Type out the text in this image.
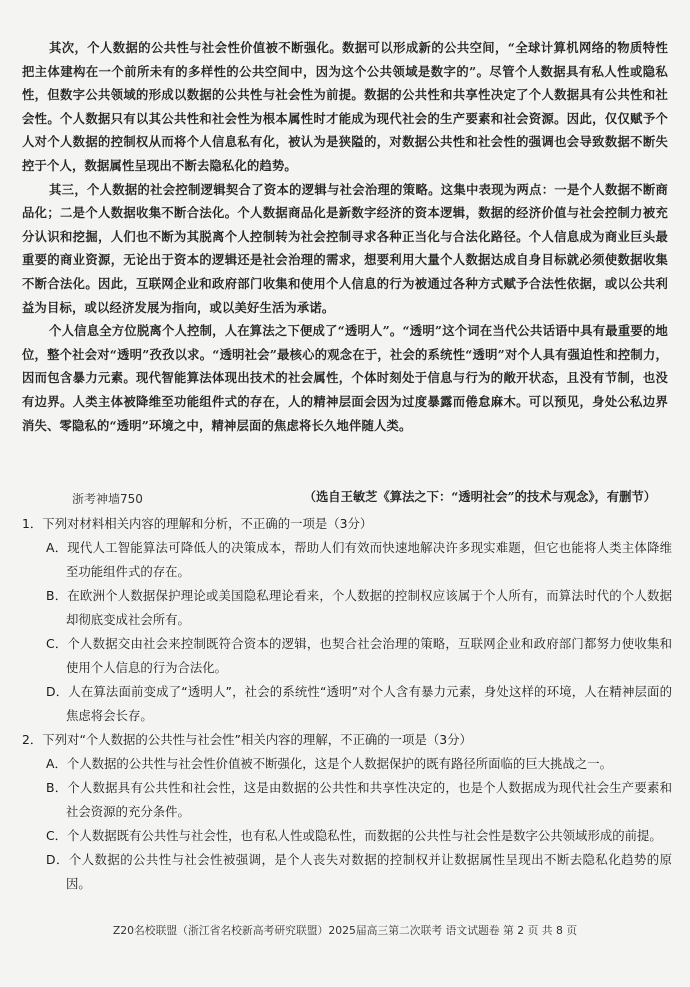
其次，个人数据的公共性与社会性价值被不断强化。数据可以形成新的公共空间，“全球计算机网络的物质特性把主体建构在一个前所未有的多样性的公共空间中，因为这个公共领域是数字的”。尽管个人数据具有私人性或隐私性，但数字公共领域的形成以数据的公共性与社会性为前提。数据的公共性和共享性决定了个人数据具有公共性和社会性。个人数据只有以其公共性和社会性为根本属性时才能成为现代社会的生产要素和社会资源。因此，仅仅赋予个人对个人数据的控制权从而将个人信息私有化，被认为是狭隘的，对数据公共性和社会性的强调也会导致数据不断失控于个人，数据属性呈现出不断去隐私化的趋势。

其三，个人数据的社会控制逻辑契合了资本的逻辑与社会治理的策略。这集中表现为两点：一是个人数据不断商品化；二是个人数据收集不断合法化。个人数据商品化是新数字经济的资本逻辑，数据的经济价值与社会控制力被充分认识和挖掘，人们也不断为其脱离个人控制转为社会控制寻求各种正当化与合法化路径。个人信息成为商业巨头最重要的商业资源，无论出于资本的逻辑还是社会治理的需求，想要利用大量个人数据达成自身目标就必须使数据收集不断合法化。因此，互联网企业和政府部门收集和使用个人信息的行为被通过各种方式赋予合法性依据，或以公共利益为目标，或以经济发展为指向，或以美好生活为承诺。

个人信息全方位脱离个人控制，人在算法之下便成了“透明人”。“透明”这个词在当代公共话语中具有最重要的地位，整个社会对“透明”孜孜以求。“透明社会”最核心的观念在于，社会的系统性“透明”对个人具有强迫性和控制力，因而包含暴力元素。现代智能算法体现出技术的社会属性，个体时刻处于信息与行为的敞开状态，且没有节制，也没有边界。人类主体被降维至功能组件式的存在，人的精神层面会因为过度暴露而倦怠麻木。可以预见，身处公私边界消失、零隐私的“透明”环境之中，精神层面的焦虑将长久地伴随人类。

浙考神墙750	（选自王敏芝《算法之下：“透明社会”的技术与观念》，有删节）

1．下列对材料相关内容的理解和分析，不正确的一项是（3分）

A．现代人工智能算法可降低人的决策成本，帮助人们有效而快速地解决许多现实难题，但它也能将人类主体降维至功能组件式的存在。

B．在欧洲个人数据保护理论或美国隐私理论看来，个人数据的控制权应该属于个人所有，而算法时代的个人数据却彻底变成社会所有。

C．个人数据交由社会来控制既符合资本的逻辑，也契合社会治理的策略，互联网企业和政府部门都努力使收集和使用个人信息的行为合法化。

D．人在算法面前变成了“透明人”，社会的系统性“透明”对个人含有暴力元素，身处这样的环境，人在精神层面的焦虑将会长存。

2．下列对“个人数据的公共性与社会性”相关内容的理解，不正确的一项是（3分）

A．个人数据的公共性与社会性价值被不断强化，这是个人数据保护的既有路径所面临的巨大挑战之一。

B．个人数据具有公共性和社会性，这是由数据的公共性和共享性决定的，也是个人数据成为现代社会生产要素和社会资源的充分条件。

C．个人数据既有公共性与社会性，也有私人性或隐私性，而数据的公共性与社会性是数字公共领域形成的前提。

D．个人数据的公共性与社会性被强调，是个人丧失对数据的控制权并让数据属性呈现出不断去隐私化趋势的原因。

Z20名校联盟（浙江省名校新高考研究联盟）2025届高三第二次联考 语文试题卷 第 2 页 共 8 页
